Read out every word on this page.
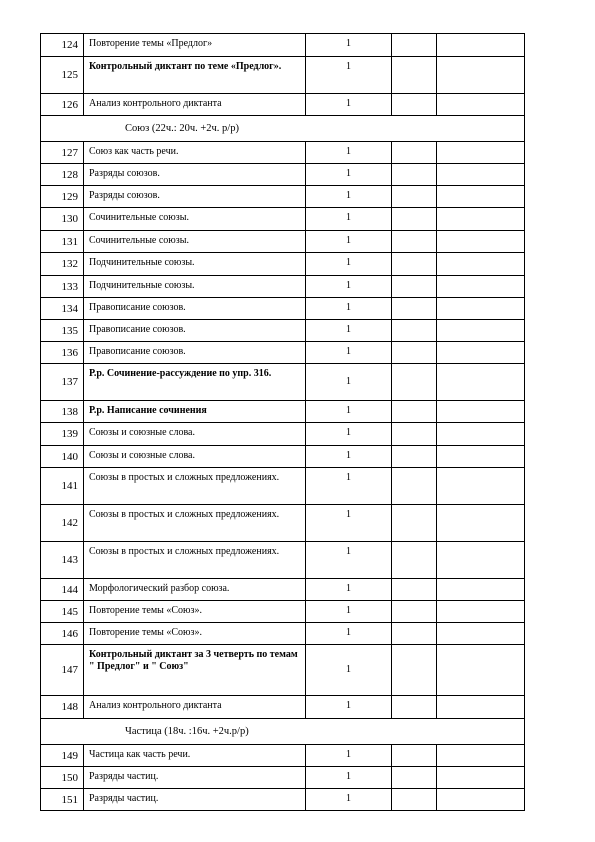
124	Повторение темы «Предлог»	1		
125	Контрольный диктант по теме «Предлог».	1		
126	Анализ контрольного диктанта	1		
Союз (22ч.: 20ч. +2ч. р/р)				
127	Союз как часть речи.	1		
128	Разряды союзов.	1		
129	Разряды союзов.	1		
130	Сочинительные союзы.	1		
131	Сочинительные союзы.	1		
132	Подчинительные союзы.	1		
133	Подчинительные союзы.	1		
134	Правописание союзов.	1		
135	Правописание союзов.	1		
136	Правописание союзов.	1		
137	Р.р. Сочинение-рассуждение по упр. 316.	1		
138	Р.р. Написание сочинения	1		
139	Союзы и союзные слова.	1		
140	Союзы и союзные слова.	1		
141	Союзы в простых и сложных предложениях.	1		
142	Союзы в простых и сложных предложениях.	1		
143	Союзы в простых и сложных предложениях.	1		
144	Морфологический разбор союза.	1		
145	Повторение темы «Союз».	1		
146	Повторение темы «Союз».	1		
147	Контрольный диктант за 3 четверть по темам " Предлог" и " Союз"	1		
148	Анализ контрольного диктанта	1		
Частица (18ч. :16ч. +2ч.р/р)				
149	Частица как часть речи.	1		
150	Разряды частиц.	1		
151	Разряды частиц.	1		
